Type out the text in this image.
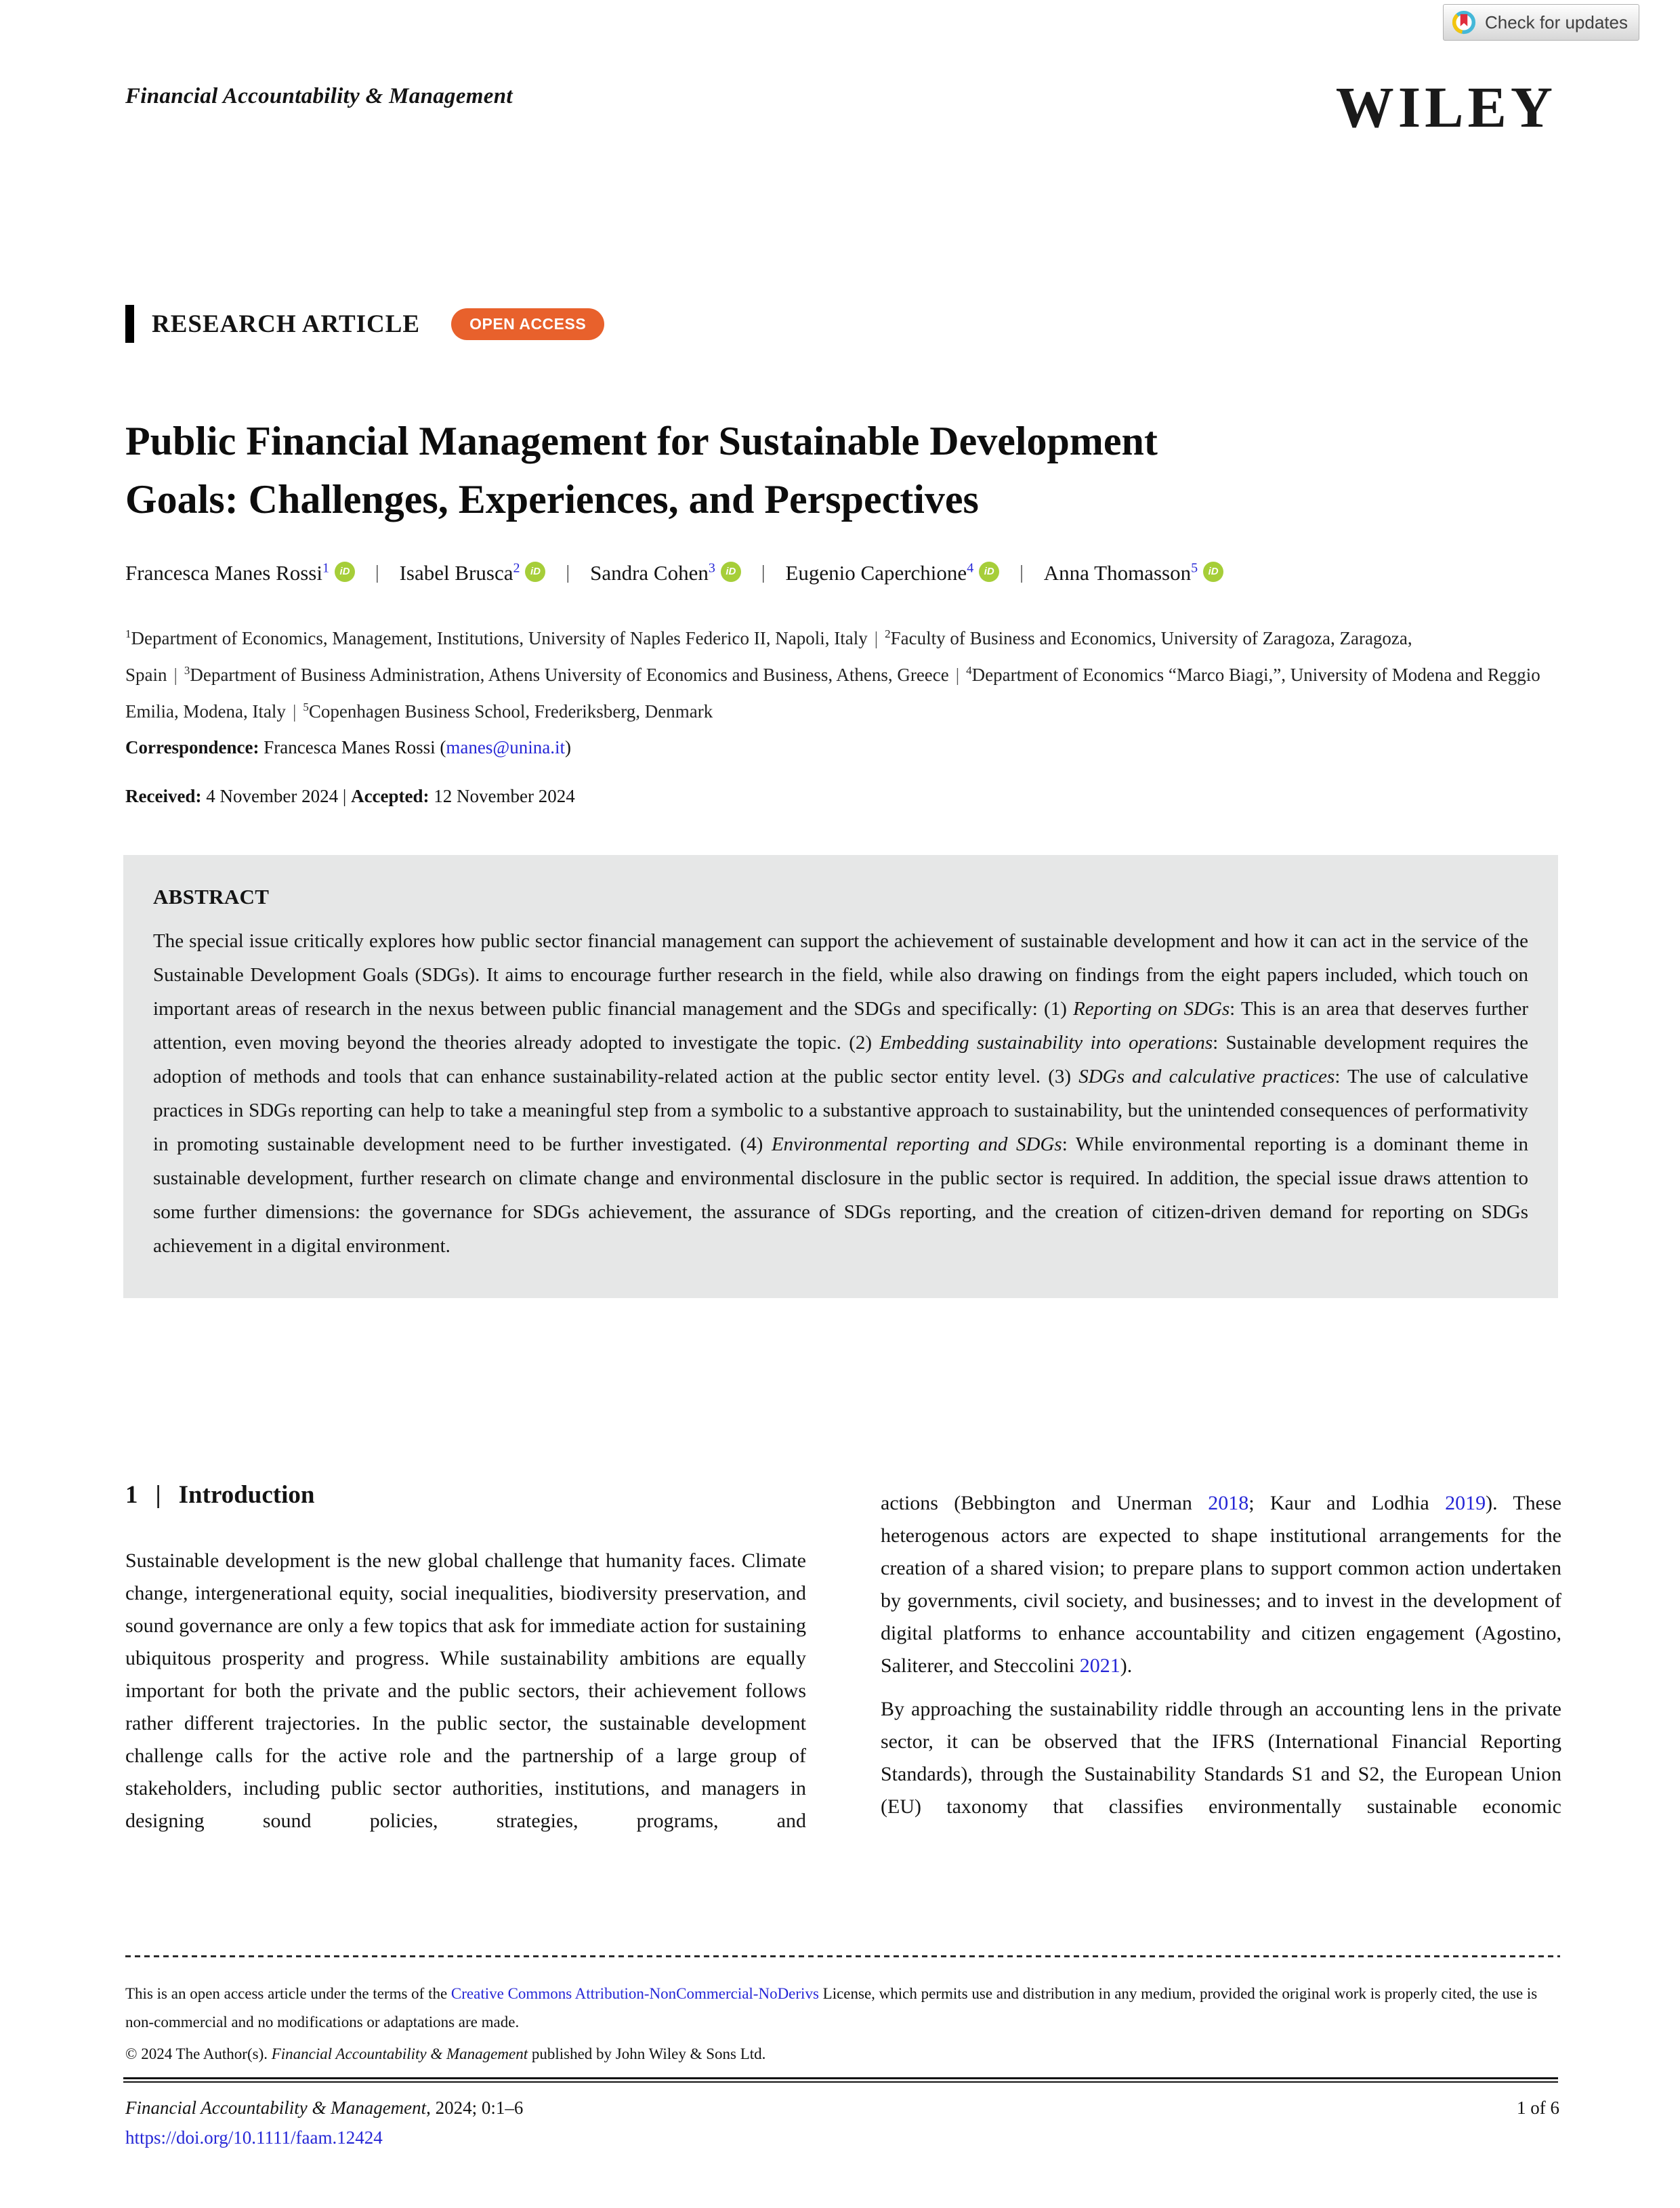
Financial Accountability & Management
Check for updates
WILEY
RESEARCH ARTICLE	OPEN ACCESS
Public Financial Management for Sustainable Development
Goals: Challenges, Experiences, and Perspectives
Francesca Manes Rossi$^1$ iD | Isabel Brusca$^2$ iD | Sandra Cohen$^3$ iD | Eugenio Caperchione$^4$ iD | Anna Thomasson$^5$ iD

$^1$Department of Economics, Management, Institutions, University of Naples Federico II, Napoli, Italy | $^2$Faculty of Business and Economics, University of Zaragoza, Zaragoza, Spain | $^3$Department of Business Administration, Athens University of Economics and Business, Athens, Greece | $^4$Department of Economics “Marco Biagi,”, University of Modena and Reggio Emilia, Modena, Italy | $^5$Copenhagen Business School, Frederiksberg, Denmark

Correspondence: Francesca Manes Rossi (manes@unina.it)

Received: 4 November 2024 | Accepted: 12 November 2024

ABSTRACT
The special issue critically explores how public sector financial management can support the achievement of sustainable development and how it can act in the service of the Sustainable Development Goals (SDGs). It aims to encourage further research in the field, while also drawing on findings from the eight papers included, which touch on important areas of research in the nexus between public financial management and the SDGs and specifically: (1) Reporting on SDGs: This is an area that deserves further attention, even moving beyond the theories already adopted to investigate the topic. (2) Embedding sustainability into operations: Sustainable development requires the adoption of methods and tools that can enhance sustainability-related action at the public sector entity level. (3) SDGs and calculative practices: The use of calculative practices in SDGs reporting can help to take a meaningful step from a symbolic to a substantive approach to sustainability, but the unintended consequences of performativity in promoting sustainable development need to be further investigated. (4) Environmental reporting and SDGs: While environmental reporting is a dominant theme in sustainable development, further research on climate change and environmental disclosure in the public sector is required. In addition, the special issue draws attention to some further dimensions: the governance for SDGs achievement, the assurance of SDGs reporting, and the creation of citizen-driven demand for reporting on SDGs achievement in a digital environment.
1 | Introduction

Sustainable development is the new global challenge that humanity faces. Climate change, intergenerational equity, social inequalities, biodiversity preservation, and sound governance are only a few topics that ask for immediate action for sustaining ubiquitous prosperity and progress. While sustainability ambitions are equally important for both the private and the public sectors, their achievement follows rather different trajectories. In the public sector, the sustainable development challenge calls for the active role and the partnership of a large group of stakeholders, including public sector authorities, institutions, and managers in designing sound policies, strategies, programs, and

actions (Bebbington and Unerman 2018; Kaur and Lodhia 2019). These heterogenous actors are expected to shape institutional arrangements for the creation of a shared vision; to prepare plans to support common action undertaken by governments, civil society, and businesses; and to invest in the development of digital platforms to enhance accountability and citizen engagement (Agostino, Saliterer, and Steccolini 2021).

By approaching the sustainability riddle through an accounting lens in the private sector, it can be observed that the IFRS (International Financial Reporting Standards), through the Sustainability Standards S1 and S2, the European Union (EU) taxonomy that classifies environmentally sustainable economic

This is an open access article under the terms of the Creative Commons Attribution-NonCommercial-NoDerivs License, which permits use and distribution in any medium, provided the original work is properly cited, the use is non-commercial and no modifications or adaptations are made.
© 2024 The Author(s). Financial Accountability & Management published by John Wiley & Sons Ltd.
Financial Accountability & Management, 2024; 0:1–6
https://doi.org/10.1111/faam.12424
1 of 6
